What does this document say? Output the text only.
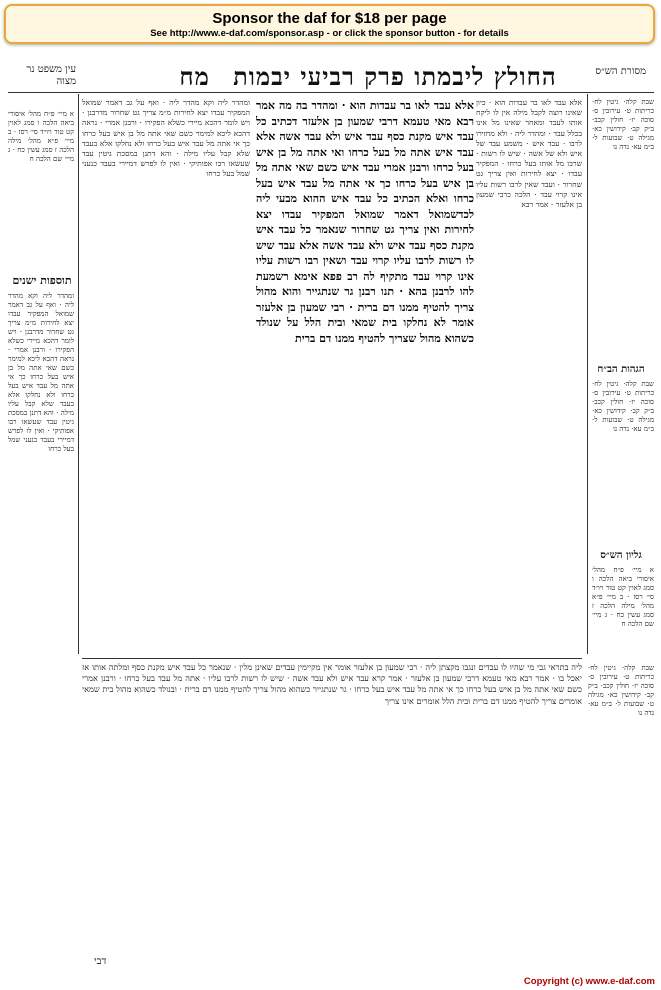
Sponsor the daf for $18 per page
See http://www.e-daf.com/sponsor.asp - or click the sponsor button - for details
מסורת הש״ס
החולץ ליבמתו פרק רביעי יבמות מח
עין משפט נר מצוה
שבת קלה· גיטין לח· כריתות ט· עירובין ס· סוכה יז· חולין קכב· ב״ק קב· קידושין כא· מגילה ט· שבועות ל· ב״מ עא· נדה נו
הגהות הב״ח
שבת קלה· גיטין לח· כריתות ט· עירובין ס· סוכה יז· חולין קכב· ב״ק קב· קידושין כא· מגילה ט· שבועות ל· ב״מ עא· נדה נו
גליון הש״ס
א מיי׳ פ״ח מהל׳ איסורי ביאה הלכה ו סמג לאוין קט טור ויו״ד סי׳ רסז · ב מיי׳ פ״א מהל׳ מילה הלכה ז סמג עשין כח · ג מיי׳ שם הלכה ח
אלא עבד לאו בר עבדות הוא · כיון שאינו רוצה לקבל מילה אין לו ליקח אותו לעבד ומאחר שאינו מל אינו בכלל עבד · ומהדר ליה · ולא מחזירו לרבו · עבד איש · משמע עבד של איש ולא של אשה · שיש לו רשות · שרבו מל אותו בעל כרחו · המפקיר עבדו · יצא לחירות ואין צריך גט שחרור · ועבד שאין לרבו רשות עליו אינו קרוי עבד · הלכה כרבי שמעון בן אלעזר · אמר רבא
אלא עבד לאו בר עבדות הוא · ומהדר בה מה אמר רבא מאי טעמא דרבי שמעון בן אלעזר דכתיב כל עבד איש מקנת כסף עבד איש ולא עבד אשה אלא עבד איש אתה מל בעל כרחו ואי אתה מל בן איש בעל כרחו ורבנן אמרי עבד איש כשם שאי אתה מל בן איש בעל כרחו כך אי אתה מל עבד איש בעל כרחו ואלא הכתיב כל עבד איש ההוא מבעי ליה לכדשמואל דאמר שמואל המפקיר עבדו יצא לחירות ואין צריך גט שחרור שנאמר כל עבד איש מקנת כסף עבד איש ולא עבד אשה אלא עבד שיש לו רשות לרבו עליו קרוי עבד ושאין רבו רשות עליו אינו קרוי עבד מתקיף לה רב פפא אימא רשמעת להו לרבנן בהא · תנו רבנן גר שנתגייר והוא מהול צריך להטיף ממנו דם ברית · רבי שמעון בן אלעזר אומר לא נחלקו בית שמאי ובית הלל על שנולד כשהוא מהול שצריך להטיף ממנו דם ברית
ומהדר ליה וקא מהדר ליה · ואף על גב דאמר שמואל המפקיר עבדו יצא לחירות מ״מ צריך גט שחרור מדרבנן · ויש לומר דהכא מיירי כשלא הפקירו · ורבנן אמרי · נראה דהכא ליכא למימר כשם שאי אתה מל בן איש בעל כרחו כך אי אתה מל עבד איש בעל כרחו ולא נחלקו אלא בעבד שלא קבל עליו מילה · והא דתנן במסכת גיטין עבד שעשאו רבו אפותיקי · ואין לו לפרש דמיירי בעבד כנעני שמל בעל כרחו
א מיי׳ פ״ח מהל׳ איסורי ביאה הלכה ו סמג לאוין קט טור ויו״ד סי׳ רסז · ב מיי׳ פ״א מהל׳ מילה הלכה ז סמג עשין כח · ג מיי׳ שם הלכה ח
תוספות ישנים
ומהדר ליה וקא מהדר ליה · ואף על גב דאמר שמואל המפקיר עבדו יצא לחירות מ״מ צריך גט שחרור מדרבנן · ויש לומר דהכא מיירי כשלא הפקירו · ורבנן אמרי · נראה דהכא ליכא למימר כשם שאי אתה מל בן איש בעל כרחו כך אי אתה מל עבד איש בעל כרחו ולא נחלקו אלא בעבד שלא קבל עליו מילה · והא דתנן במסכת גיטין עבד שעשאו רבו אפותיקי · ואין לו לפרש דמיירי בעבד כנעני שמל בעל כרחו
ליה בתראי גבי מי שהיו לו עבדים ונגבו מקצתן ליה · רבי שמעון בן אלעזר אומר אין מקיימין עבדים שאינן מלין · שנאמר כל עבד איש מקנת כסף ומלתה אותו אז יאכל בו · אמר רבא מאי טעמא דרבי שמעון בן אלעזר · אמר קרא עבד איש ולא עבד אשה · שיש לו רשות לרבו עליו · אתה מל עבד בעל כרחו · ורבנן אמרי כשם שאי אתה מל בן איש בעל כרחו כך אי אתה מל עבד איש בעל כרחו · גר שנתגייר כשהוא מהול צריך להטיף ממנו דם ברית · ובנולד כשהוא מהול בית שמאי אומרים צריך להטיף ממנו דם ברית ובית הלל אומרים אינו צריך
שבת קלה· גיטין לח· כריתות ט· עירובין ס· סוכה יז· חולין קכב· ב״ק קב· קידושין כא· מגילה ט· שבועות ל· ב״מ עא· נדה נו
דבי
Copyright (c) www.e-daf.com
